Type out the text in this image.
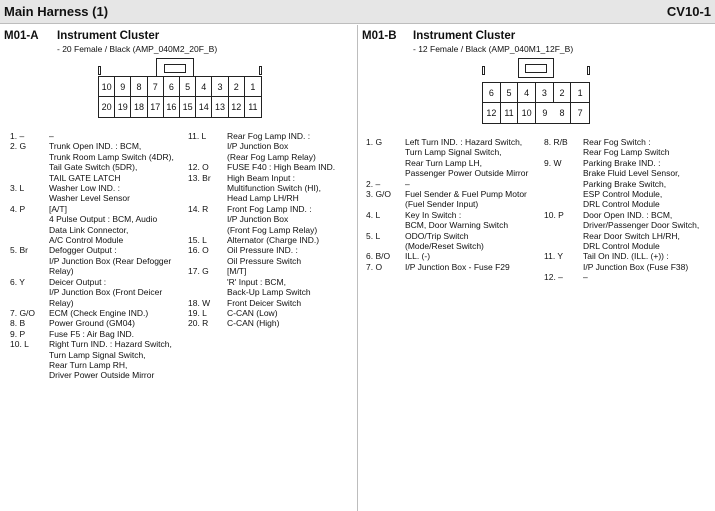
Main Harness (1)	CV10-1
M01-A Instrument Cluster
- 20 Female / Black (AMP_040M2_20F_B)
10 9	8	7	6	5	4	3	2	1
20 19 18 17 16 15 14 13 12 11
1. –	–
2. G	Trunk Open IND. : BCM,
Trunk Room Lamp Switch (4DR),
Tail Gate Switch (5DR),
TAIL GATE LATCH
3. L	Washer Low IND. :
Washer Level Sensor
4. P	[A/T]
4 Pulse Output : BCM, Audio
Data Link Connector,
A/C Control Module
5. Br	Defogger Output :
I/P Junction Box (Rear Defogger
Relay)
6. Y	Deicer Output :
I/P Junction Box (Front Deicer Relay)
7. G/O	ECM (Check Engine IND.)
8. B	Power Ground (GM04)
9. P	Fuse F5 : Air Bag IND.
10. L	Right Turn IND. : Hazard Switch,
Turn Lamp Signal Switch,
Rear Turn Lamp RH,
Driver Power Outside Mirror
11. L	Rear Fog Lamp IND. :
I/P Junction Box
(Rear Fog Lamp Relay)
12. O	FUSE F40 : High Beam IND.
13. Br	High Beam Input :
Multifunction Switch (HI),
Head Lamp LH/RH
14. R	Front Fog Lamp IND. :
I/P Junction Box
(Front Fog Lamp Relay)
15. L	Alternator (Charge IND.)
16. O	Oil Pressure IND. :
Oil Pressure Switch
17. G	[M/T]
'R' Input : BCM,
Back-Up Lamp Switch
18. W	Front Deicer Switch
19. L	C-CAN (Low)
20. R	C-CAN (High)
M01-B Instrument Cluster
- 12 Female / Black (AMP_040M1_12F_B)
6	5	4	3	2	1
12 11 10	9	8	7
1. G	Left Turn IND. : Hazard Switch,
Turn Lamp Signal Switch,
Rear Turn Lamp LH,
Passenger Power Outside Mirror
2. –	–
3. G/O	Fuel Sender & Fuel Pump Motor
(Fuel Sender Input)
4. L	Key In Switch :
BCM, Door Warning Switch
5. L	ODO/Trip Switch
(Mode/Reset Switch)
6. B/O	ILL. (-)
7. O	I/P Junction Box - Fuse F29
8. R/B	Rear Fog Switch :
Rear Fog Lamp Switch
9. W	Parking Brake IND. :
Brake Fluid Level Sensor,
Parking Brake Switch,
ESP Control Module,
DRL Control Module
10. P	Door Open IND. : BCM,
Driver/Passenger Door Switch,
Rear Door Switch LH/RH,
DRL Control Module
11. Y	Tail On IND. (ILL. (+)) :
I/P Junction Box (Fuse F38)
12. –	–
